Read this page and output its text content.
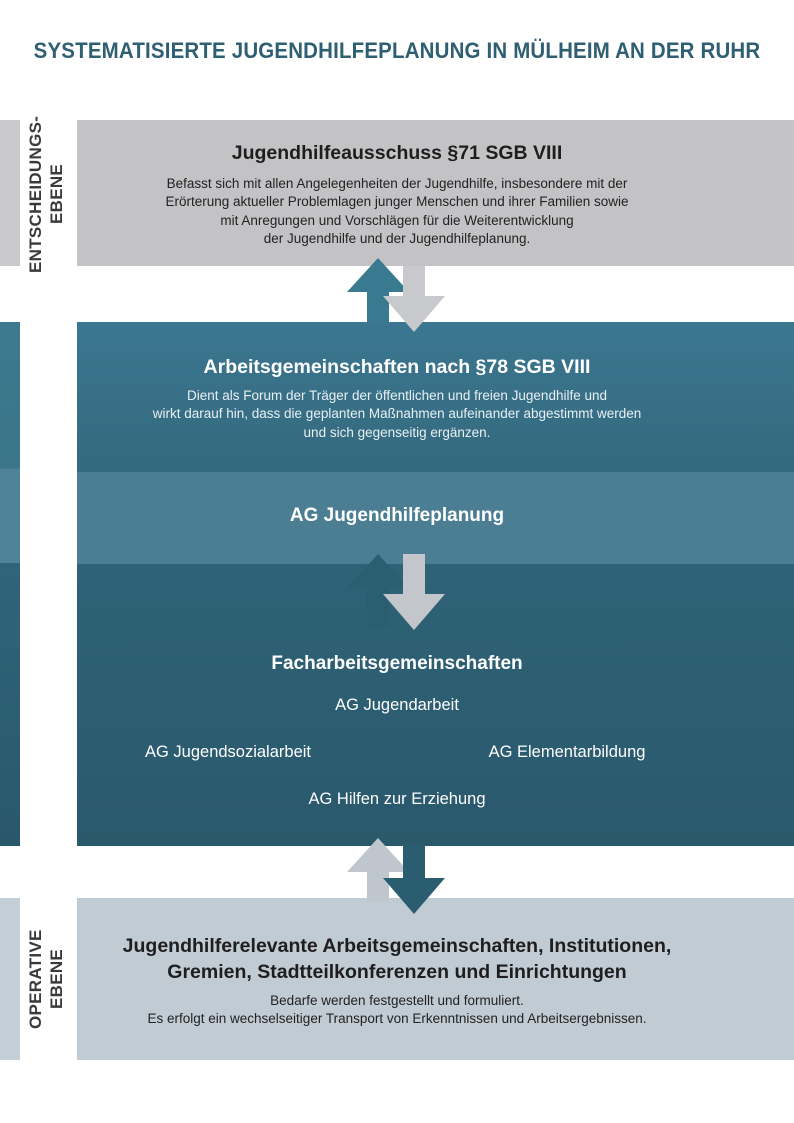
SYSTEMATISIERTE JUGENDHILFEPLANUNG IN MÜLHEIM AN DER RUHR
ENTSCHEIDUNGS- EBENE
Jugendhilfeausschuss §71 SGB VIII
Befasst sich mit allen Angelegenheiten der Jugendhilfe, insbesondere mit der
Erörterung aktueller Problemlagen junger Menschen und ihrer Familien sowie
mit Anregungen und Vorschlägen für die Weiterentwicklung
der Jugendhilfe und der Jugendhilfeplanung.
ABSTIMMUNGS- EBENE
Arbeitsgemeinschaften nach §78 SGB VIII
Dient als Forum der Träger der öffentlichen und freien Jugendhilfe und
wirkt darauf hin, dass die geplanten Maßnahmen aufeinander abgestimmt werden
und sich gegenseitig ergänzen.
AG Jugendhilfeplanung
Facharbeitsgemeinschaften
AG Jugendarbeit
AG Jugendsozialarbeit	AG Elementarbildung
AG Hilfen zur Erziehung
OPERATIVE EBENE
Jugendhilferelevante Arbeitsgemeinschaften, Institutionen,
Gremien, Stadtteilkonferenzen und Einrichtungen
Bedarfe werden festgestellt und formuliert.
Es erfolgt ein wechselseitiger Transport von Erkenntnissen und Arbeitsergebnissen.
